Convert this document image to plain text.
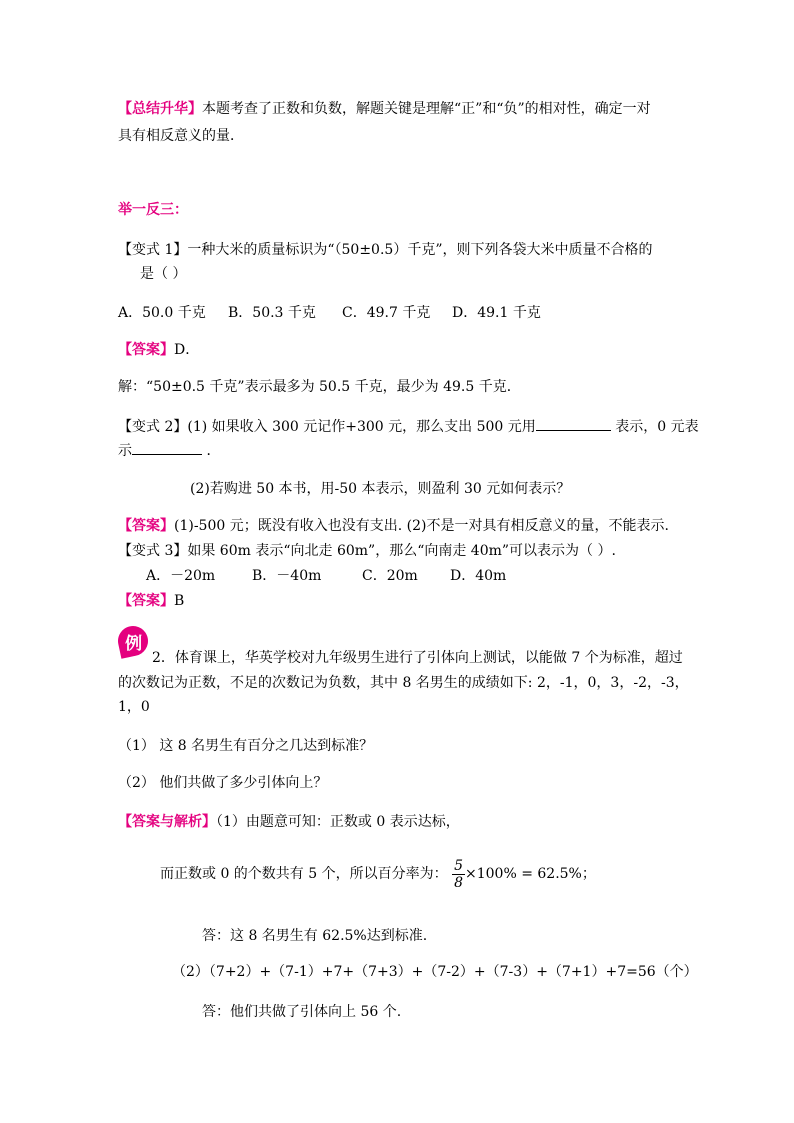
【总结升华】本题考查了正数和负数，解题关键是理解“正”和“负”的相对性，确定一对
具有相反意义的量．
举一反三：
【变式 1】一种大米的质量标识为“（50±0.5）千克”，则下列各袋大米中质量不合格的
是（ ）
A．50.0 千克 B．50.3 千克 C．49.7 千克 D．49.1 千克
【答案】D．
解：“50±0.5 千克”表示最多为 50.5 千克，最少为 49.5 千克．
【变式 2】(1) 如果收入 300 元记作+300 元，那么支出 500 元用	表示，0 元表
示	．
(2)若购进 50 本书，用-50 本表示，则盈利 30 元如何表示？
【答案】(1)-500 元；既没有收入也没有支出. (2)不是一对具有相反意义的量，不能表示.
【变式 3】如果 60m 表示“向北走 60m”，那么“向南走 40m”可以表示为（ ）.
A．－20m	B．－40m	C．20m D．40m
【答案】B
例
2．体育课上，华英学校对九年级男生进行了引体向上测试，以能做 7 个为标准，超过
的次数记为正数，不足的次数记为负数，其中 8 名男生的成绩如下: 2，-1，0，3，-2，-3，
1，0
（1） 这 8 名男生有百分之几达到标准？
（2） 他们共做了多少引体向上？
【答案与解析】（1）由题意可知：正数或 0 表示达标，
而正数或 0 的个数共有 5 个，所以百分率为： $\frac{5}{8} \times 100\% = 62.5\%$；
答：这 8 名男生有 62.5%达到标准.
（2）（7+2）+（7-1）+7+（7+3）+（7-2）+（7-3）+（7+1）+7=56（个）
答：他们共做了引体向上 56 个.
